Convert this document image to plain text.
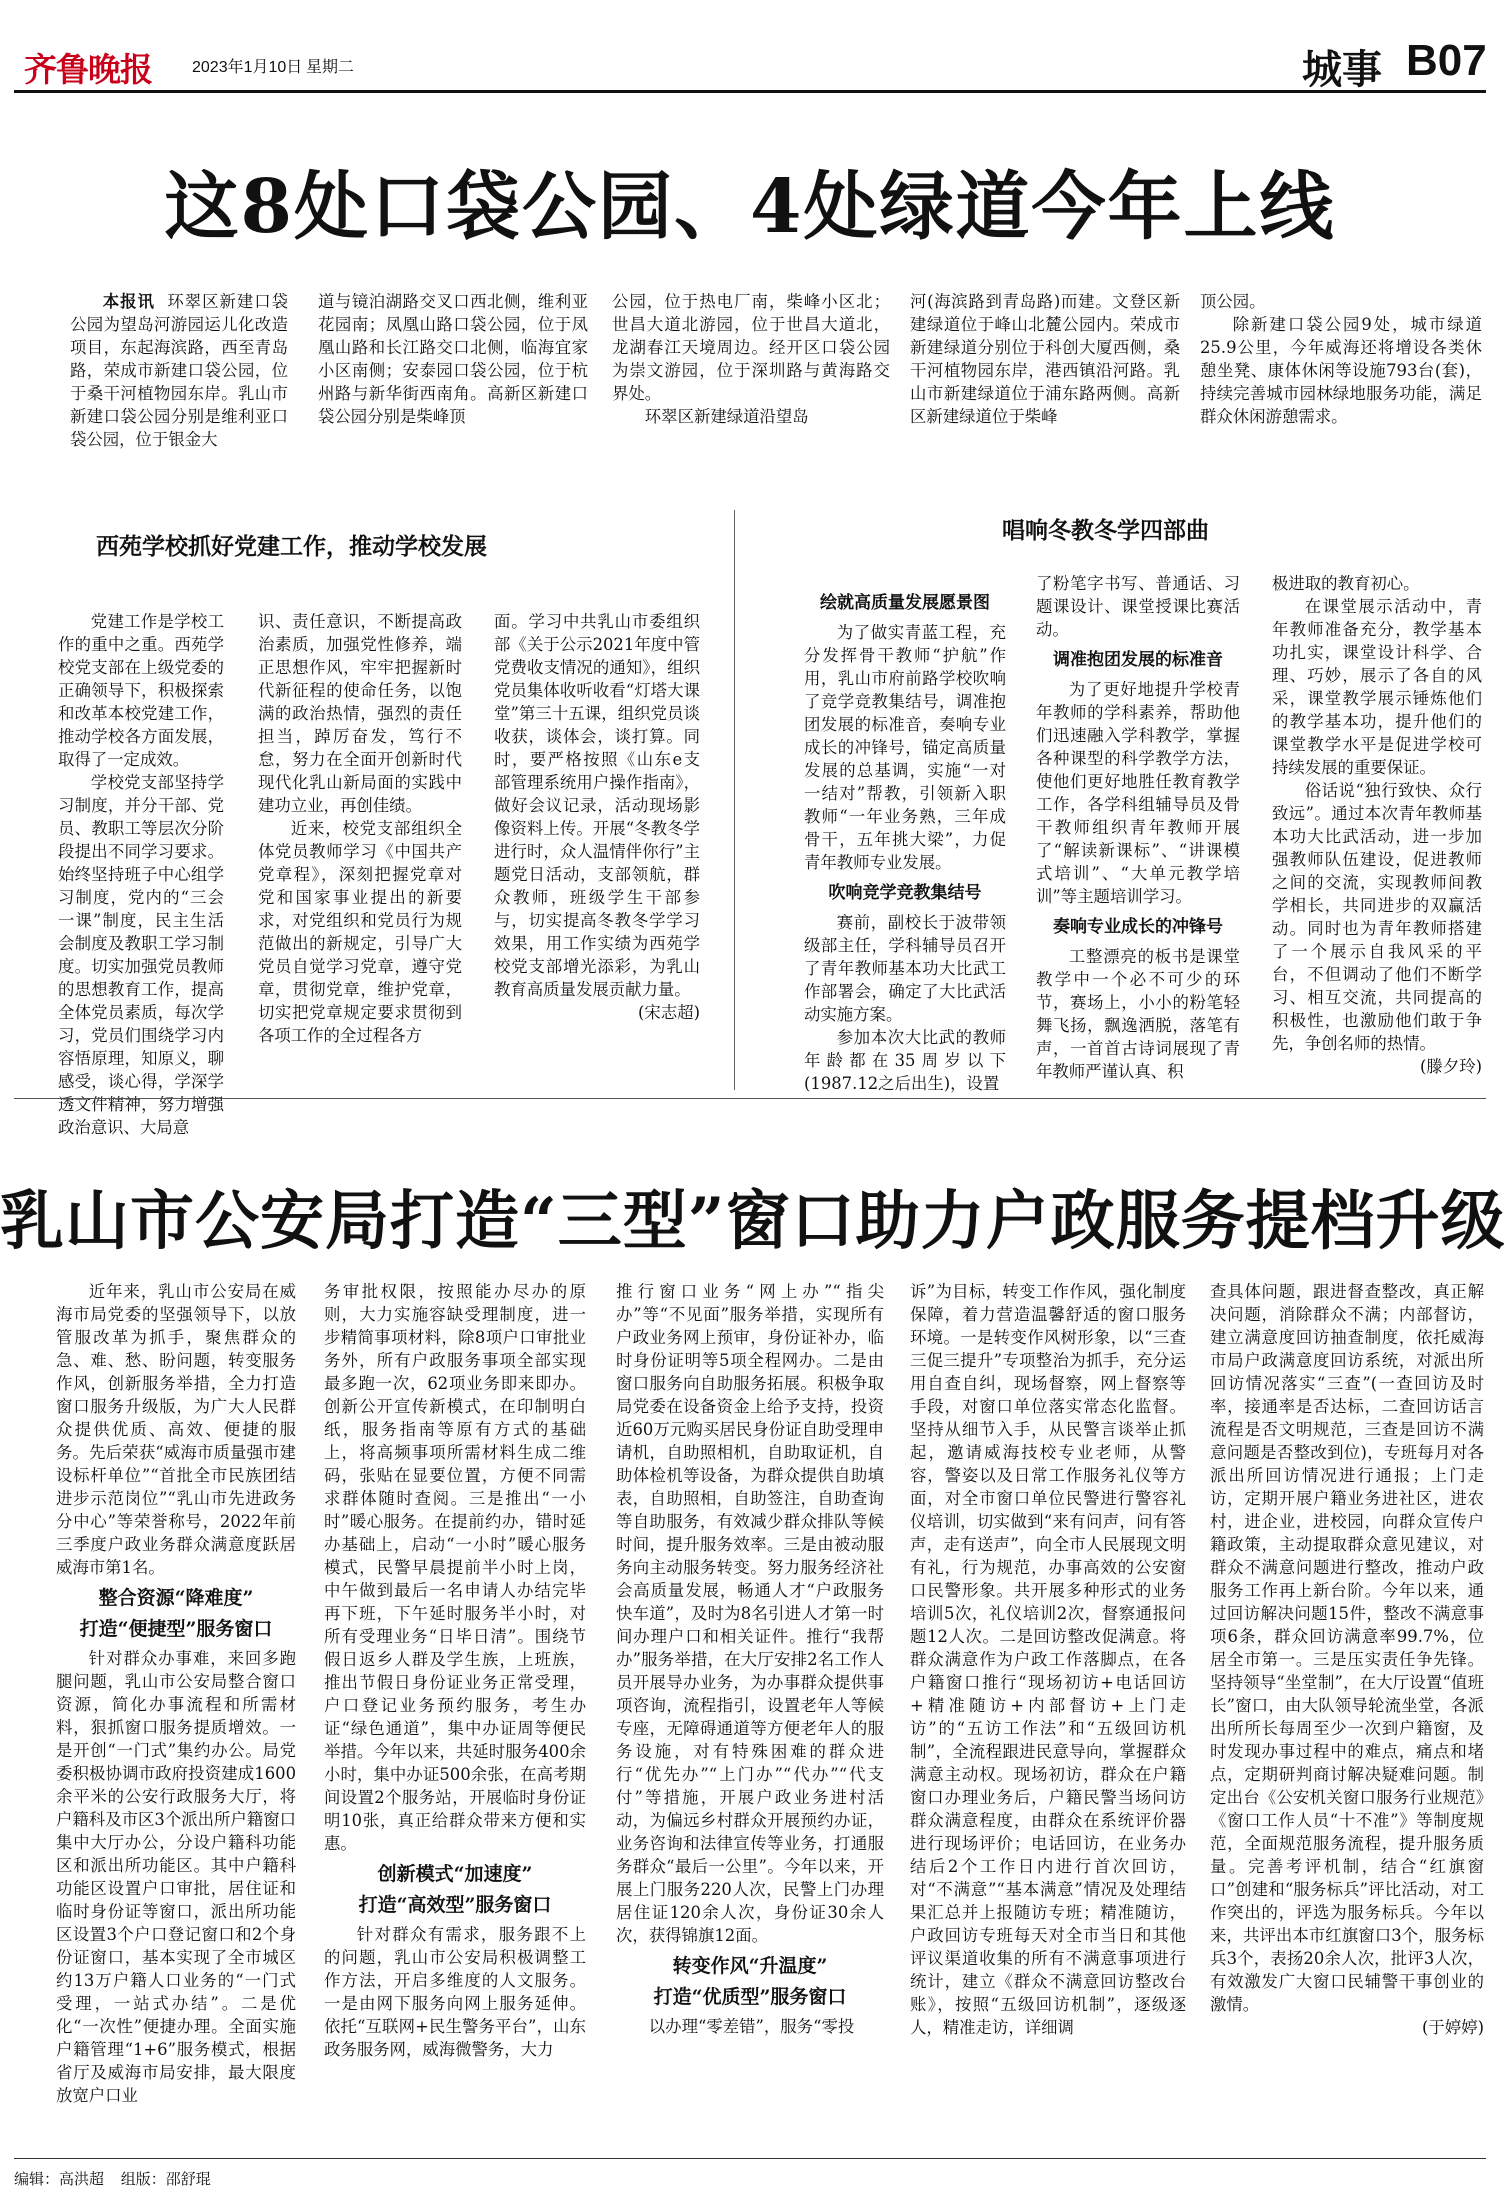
齐鲁晚报	2023年1月10日 星期二	城事 B07
这8处口袋公园、4处绿道今年上线

本报讯 环翠区新建口袋公园为望岛河游园运儿化改造项目，东起海滨路，西至青岛路，荣成市新建口袋公园，位于桑干河植物园东岸。乳山市新建口袋公园分别是维利亚口袋公园，位于银金大

道与镜泊湖路交叉口西北侧，维利亚花园南；凤凰山路口袋公园，位于凤凰山路和长江路交口北侧，临海宜家小区南侧；安泰园口袋公园，位于杭州路与新华街西南角。高新区新建口袋公园分别是柴峰顶

公园，位于热电厂南，柴峰小区北；世昌大道北游园，位于世昌大道北，龙湖春江天境周边。经开区口袋公园为崇文游园，位于深圳路与黄海路交界处。

环翠区新建绿道沿望岛

河(海滨路到青岛路)而建。文登区新建绿道位于峰山北麓公园内。荣成市新建绿道分别位于科创大厦西侧，桑干河植物园东岸，港西镇沿河路。乳山市新建绿道位于浦东路两侧。高新区新建绿道位于柴峰

顶公园。

除新建口袋公园9处，城市绿道25.9公里，今年威海还将增设各类休憩坐凳、康体休闲等设施793台(套)，持续完善城市园林绿地服务功能，满足群众休闲游憩需求。

西苑学校抓好党建工作，推动学校发展

党建工作是学校工作的重中之重。西苑学校党支部在上级党委的正确领导下，积极探索和改革本校党建工作，推动学校各方面发展，取得了一定成效。

学校党支部坚持学习制度，并分干部、党员、教职工等层次分阶段提出不同学习要求。始终坚持班子中心组学习制度，党内的“三会一课”制度，民主生活会制度及教职工学习制度。切实加强党员教师的思想教育工作，提高全体党员素质，每次学习，党员们围绕学习内容悟原理，知原义，聊感受，谈心得，学深学透文件精神，努力增强政治意识、大局意

识、责任意识，不断提高政治素质，加强党性修养，端正思想作风，牢牢把握新时代新征程的使命任务，以饱满的政治热情，强烈的责任担当，踔厉奋发，笃行不怠，努力在全面开创新时代现代化乳山新局面的实践中建功立业，再创佳绩。

近来，校党支部组织全体党员教师学习《中国共产党章程》，深刻把握党章对党和国家事业提出的新要求，对党组织和党员行为规范做出的新规定，引导广大党员自觉学习党章，遵守党章，贯彻党章，维护党章，切实把党章规定要求贯彻到各项工作的全过程各方

面。学习中共乳山市委组织部《关于公示2021年度中管党费收支情况的通知》，组织党员集体收听收看“灯塔大课堂”第三十五课，组织党员谈收获，谈体会，谈打算。同时，要严格按照《山东e支部管理系统用户操作指南》，做好会议记录，活动现场影像资料上传。开展“冬教冬学进行时，众人温情伴你行”主题党日活动，支部领航，群众教师，班级学生干部参与，切实提高冬教冬学学习效果，用工作实绩为西苑学校党支部增光添彩，为乳山教育高质量发展贡献力量。

(宋志超)

唱响冬教冬学四部曲

绘就高质量发展愿景图

为了做实青蓝工程，充分发挥骨干教师“护航”作用，乳山市府前路学校吹响了竞学竞教集结号，调准抱团发展的标准音，奏响专业成长的冲锋号，锚定高质量发展的总基调，实施“一对一结对”帮教，引领新入职教师“一年业务熟，三年成骨干，五年挑大梁”，力促青年教师专业发展。

吹响竞学竞教集结号

赛前，副校长于波带领级部主任，学科辅导员召开了青年教师基本功大比武工作部署会，确定了大比武活动实施方案。

参加本次大比武的教师年龄都在35周岁以下(1987.12之后出生)，设置

了粉笔字书写、普通话、习题课设计、课堂授课比赛活动。

调准抱团发展的标准音

为了更好地提升学校青年教师的学科素养，帮助他们迅速融入学科教学，掌握各种课型的科学教学方法，使他们更好地胜任教育教学工作，各学科组辅导员及骨干教师组织青年教师开展了“解读新课标”、“讲课模式培训”、“大单元教学培训”等主题培训学习。

奏响专业成长的冲锋号

工整漂亮的板书是课堂教学中一个必不可少的环节，赛场上，小小的粉笔轻舞飞扬，飘逸洒脱，落笔有声，一首首古诗词展现了青年教师严谨认真、积

极进取的教育初心。

在课堂展示活动中，青年教师准备充分，教学基本功扎实，课堂设计科学、合理、巧妙，展示了各自的风采，课堂教学展示锤炼他们的教学基本功，提升他们的课堂教学水平是促进学校可持续发展的重要保证。

俗话说“独行致快、众行致远”。通过本次青年教师基本功大比武活动，进一步加强教师队伍建设，促进教师之间的交流，实现教师间教学相长，共同进步的双赢活动。同时也为青年教师搭建了一个展示自我风采的平台，不但调动了他们不断学习、相互交流，共同提高的积极性，也激励他们敢于争先，争创名师的热情。

(滕夕玲)

乳山市公安局打造“三型”窗口助力户政服务提档升级

近年来，乳山市公安局在威海市局党委的坚强领导下，以放管服改革为抓手，聚焦群众的急、难、愁、盼问题，转变服务作风，创新服务举措，全力打造窗口服务升级版，为广大人民群众提供优质、高效、便捷的服务。先后荣获“威海市质量强市建设标杆单位”“首批全市民族团结进步示范岗位”“乳山市先进政务分中心”等荣誉称号，2022年前三季度户政业务群众满意度跃居威海市第1名。

整合资源“降难度”

打造“便捷型”服务窗口

针对群众办事难，来回多跑腿问题，乳山市公安局整合窗口资源，简化办事流程和所需材料，狠抓窗口服务提质增效。一是开创“一门式”集约办公。局党委积极协调市政府投资建成1600余平米的公安行政服务大厅，将户籍科及市区3个派出所户籍窗口集中大厅办公，分设户籍科功能区和派出所功能区。其中户籍科功能区设置户口审批，居住证和临时身份证等窗口，派出所功能区设置3个户口登记窗口和2个身份证窗口，基本实现了全市城区约13万户籍人口业务的“一门式受理，一站式办结”。二是优化“一次性”便捷办理。全面实施户籍管理“1+6”服务模式，根据省厅及威海市局安排，最大限度放宽户口业

务审批权限，按照能办尽办的原则，大力实施容缺受理制度，进一步精简事项材料，除8项户口审批业务外，所有户政服务事项全部实现最多跑一次，62项业务即来即办。创新公开宣传新模式，在印制明白纸，服务指南等原有方式的基础上，将高频事项所需材料生成二维码，张贴在显要位置，方便不同需求群体随时查阅。三是推出“一小时”暖心服务。在提前约办，错时延办基础上，启动“一小时”暖心服务模式，民警早晨提前半小时上岗，中午做到最后一名申请人办结完毕再下班，下午延时服务半小时，对所有受理业务“日毕日清”。围绕节假日返乡人群及学生族，上班族，推出节假日身份证业务正常受理，户口登记业务预约服务，考生办证“绿色通道”，集中办证周等便民举措。今年以来，共延时服务400余小时，集中办证500余张，在高考期间设置2个服务站，开展临时身份证明10张，真正给群众带来方便和实惠。

创新模式“加速度”

打造“高效型”服务窗口

针对群众有需求，服务跟不上的问题，乳山市公安局积极调整工作方法，开启多维度的人文服务。一是由网下服务向网上服务延伸。依托“互联网+民生警务平台”，山东政务服务网，威海微警务，大力

推行窗口业务“网上办”“指尖办”等“不见面”服务举措，实现所有户政业务网上预审，身份证补办，临时身份证明等5项全程网办。二是由窗口服务向自助服务拓展。积极争取局党委在设备资金上给予支持，投资近60万元购买居民身份证自助受理申请机，自助照相机，自助取证机，自助体检机等设备，为群众提供自助填表，自助照相，自助签注，自助查询等自助服务，有效减少群众排队等候时间，提升服务效率。三是由被动服务向主动服务转变。努力服务经济社会高质量发展，畅通人才“户政服务快车道”，及时为8名引进人才第一时间办理户口和相关证件。推行“我帮办”服务举措，在大厅安排2名工作人员开展导办业务，为办事群众提供事项咨询，流程指引，设置老年人等候专座，无障碍通道等方便老年人的服务设施，对有特殊困难的群众进行“优先办”“上门办”“代办”“代支付”等措施，开展户政业务进村活动，为偏远乡村群众开展预约办证，业务咨询和法律宣传等业务，打通服务群众“最后一公里”。今年以来，开展上门服务220人次，民警上门办理居住证120余人次，身份证30余人次，获得锦旗12面。

转变作风“升温度”

打造“优质型”服务窗口

以办理“零差错”，服务“零投

诉”为目标，转变工作作风，强化制度保障，着力营造温馨舒适的窗口服务环境。一是转变作风树形象，以“三查三促三提升”专项整治为抓手，充分运用自查自纠，现场督察，网上督察等手段，对窗口单位落实常态化监督。坚持从细节入手，从民警言谈举止抓起，邀请威海技校专业老师，从警容，警姿以及日常工作服务礼仪等方面，对全市窗口单位民警进行警容礼仪培训，切实做到“来有问声，问有答声，走有送声”，向全市人民展现文明有礼，行为规范，办事高效的公安窗口民警形象。共开展多种形式的业务培训5次，礼仪培训2次，督察通报问题12人次。二是回访整改促满意。将群众满意作为户政工作落脚点，在各户籍窗口推行“现场初访+电话回访+精准随访+内部督访+上门走访”的“五访工作法”和“五级回访机制”，全流程跟进民意导向，掌握群众满意主动权。现场初访，群众在户籍窗口办理业务后，户籍民警当场问访群众满意程度，由群众在系统评价器进行现场评价；电话回访，在业务办结后2个工作日内进行首次回访，对“不满意”“基本满意”情况及处理结果汇总并上报随访专班；精准随访，户政回访专班每天对全市当日和其他评议渠道收集的所有不满意事项进行统计，建立《群众不满意回访整改台账》，按照“五级回访机制”，逐级逐人，精准走访，详细调

查具体问题，跟进督查整改，真正解决问题，消除群众不满；内部督访，建立满意度回访抽查制度，依托威海市局户政满意度回访系统，对派出所回访情况落实“三查”(一查回访及时率，接通率是否达标，二查回访话言流程是否文明规范，三查是回访不满意问题是否整改到位)，专班每月对各派出所回访情况进行通报；上门走访，定期开展户籍业务进社区，进农村，进企业，进校园，向群众宣传户籍政策，主动提取群众意见建议，对群众不满意问题进行整改，推动户政服务工作再上新台阶。今年以来，通过回访解决问题15件，整改不满意事项6条，群众回访满意率99.7%，位居全市第一。三是压实责任争先锋。坚持领导“坐堂制”，在大厅设置“值班长”窗口，由大队领导轮流坐堂，各派出所所长每周至少一次到户籍窗，及时发现办事过程中的难点，痛点和堵点，定期研判商讨解决疑难问题。制定出台《公安机关窗口服务行业规范》《窗口工作人员“十不准”》等制度规范，全面规范服务流程，提升服务质量。完善考评机制，结合“红旗窗口”创建和“服务标兵”评比活动，对工作突出的，评选为服务标兵。今年以来，共评出本市红旗窗口3个，服务标兵3个，表扬20余人次，批评3人次，有效激发广大窗口民辅警干事创业的激情。

(于婷婷)

编辑：高洪超 组版：邵舒琨
